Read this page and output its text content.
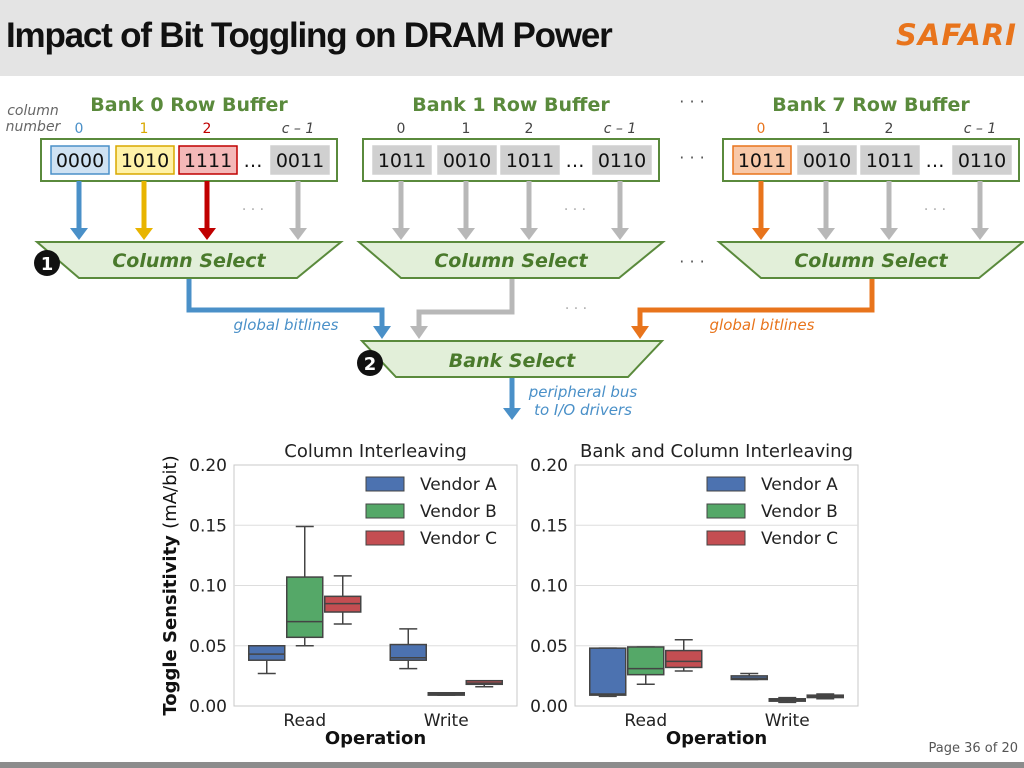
Impact of Bit Toggling on DRAM Power	SAFARI
column
number
Bank 0 Row Buffer
0	1	2	c – 1
0000 1010 1111 0011
…
· · ·
Column Select
Bank 1 Row Buffer
0	1	2	c – 1
1011 0010 1011 0110
…
· · ·
Column Select
Bank 7 Row Buffer
0	1	2	c – 1
1011 0010 1011 0110
…
· · ·
Column Select
· · ·
· · ·
· · ·
· · ·
1
global bitlines	global bitlines
Bank Select
2
peripheral bus
to I/O drivers
0.00
0.05
0.10
0.15
0.20
Column Interleaving
Read	Write
Vendor A
Vendor B
Vendor C
Operation
Toggle Sensitivity (mA/bit)
0.00
0.05
0.10
0.15
0.20
Bank and Column Interleaving
Read	Write
Vendor A
Vendor B
Vendor C
Operation	Page 36 of 20
